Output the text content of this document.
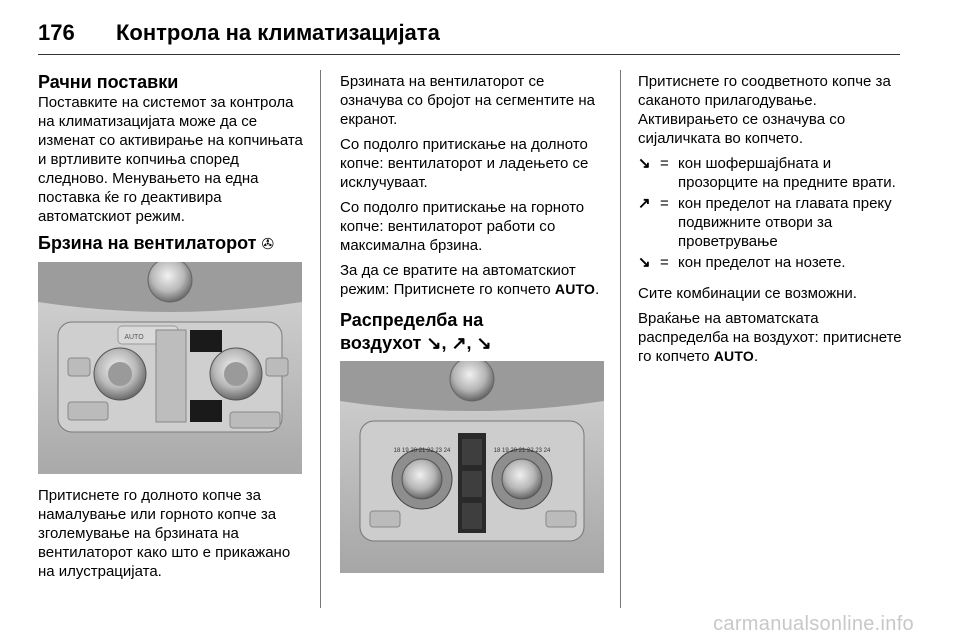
176 Контрола на климатизацијата
Рачни поставки

Поставките на системот за контрола на климатизацијата може да се изменат со активирање на копчињата и вртливите копчиња според следново. Менувањето на една поставка ќе го деактивира автоматскиот режим.

Брзина на вентилаторот ✇
AUTO

Притиснете го долното копче за намалување или горното копче за зголемување на брзината на вентилаторот како што е прикажано на илустрацијата.

Брзината на вентилаторот се означува со бројот на сегментите на екранот.

Со подолго притискање на долното копче: вентилаторот и ладењето се исклучуваат.

Со подолго притискање на горното копче: вентилаторот работи со максимална брзина.

За да се вратите на автоматскиот режим: Притиснете го копчето AUTO.

Распределба на
воздухот ↘, ↗, ↘
18 19 20 21 22 23 24	18 19 20 21 22 23 24

Притиснете го соодветното копче за саканото прилагодување. Активирањето се означува со сијаличката во копчето.

↘ = кон шофершајбната и прозорците на предните врати.
↗ = кон пределот на главата преку подвижните отвори за проветрување
↘ = кон пределот на нозете.

Сите комбинации се возможни.

Враќање на автоматската распределба на воздухот: притиснете го копчето AUTO.

carmanualsonline.info
